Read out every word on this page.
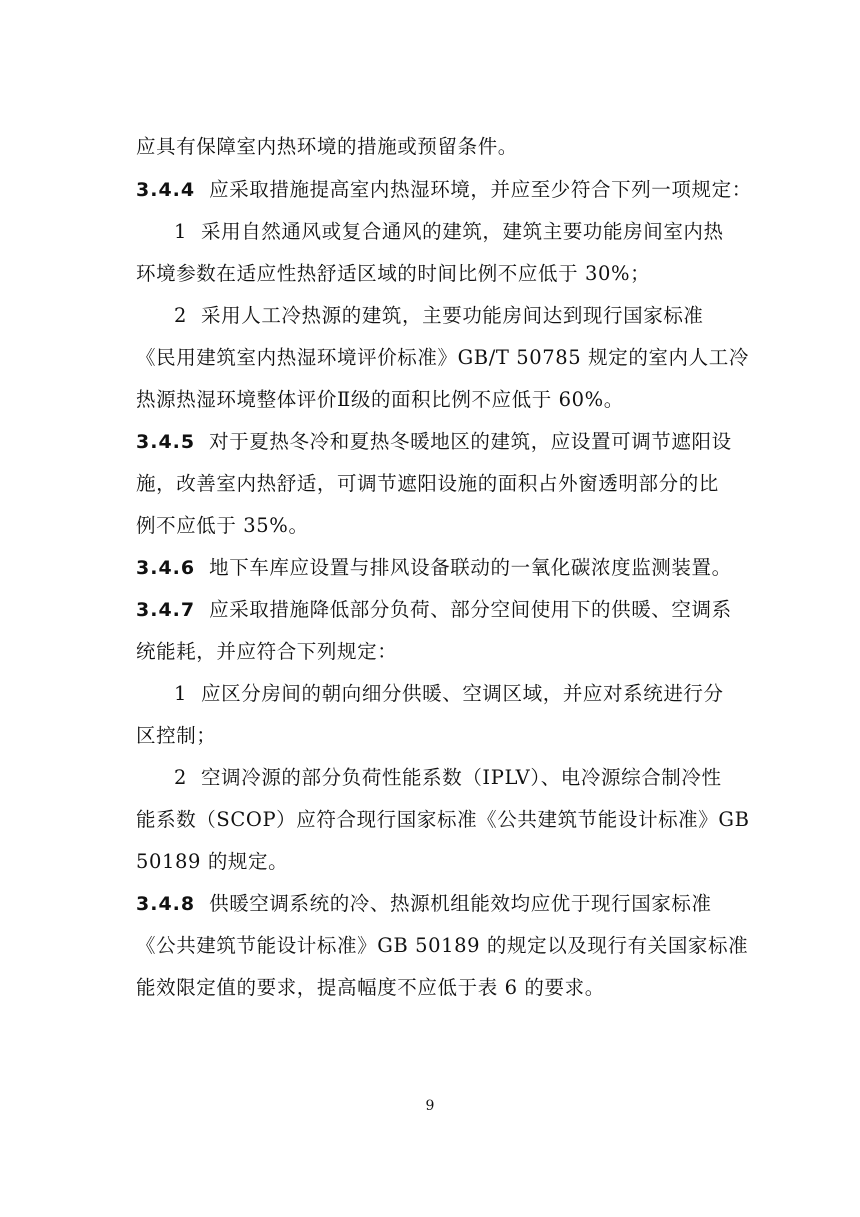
应具有保障室内热环境的措施或预留条件。
3.4.4 应采取措施提高室内热湿环境，并应至少符合下列一项规定：
1 采用自然通风或复合通风的建筑，建筑主要功能房间室内热
环境参数在适应性热舒适区域的时间比例不应低于 30%；
2 采用人工冷热源的建筑，主要功能房间达到现行国家标准
《民用建筑室内热湿环境评价标准》GB/T 50785 规定的室内人工冷
热源热湿环境整体评价Ⅱ级的面积比例不应低于 60%。
3.4.5 对于夏热冬冷和夏热冬暖地区的建筑，应设置可调节遮阳设
施，改善室内热舒适，可调节遮阳设施的面积占外窗透明部分的比
例不应低于 35%。
3.4.6 地下车库应设置与排风设备联动的一氧化碳浓度监测装置。
3.4.7 应采取措施降低部分负荷、部分空间使用下的供暖、空调系
统能耗，并应符合下列规定：
1 应区分房间的朝向细分供暖、空调区域，并应对系统进行分
区控制；
2 空调冷源的部分负荷性能系数（IPLV）、电冷源综合制冷性
能系数（SCOP）应符合现行国家标准《公共建筑节能设计标准》GB
50189 的规定。
3.4.8 供暖空调系统的冷、热源机组能效均应优于现行国家标准
《公共建筑节能设计标准》GB 50189 的规定以及现行有关国家标准
能效限定值的要求，提高幅度不应低于表 6 的要求。
9
